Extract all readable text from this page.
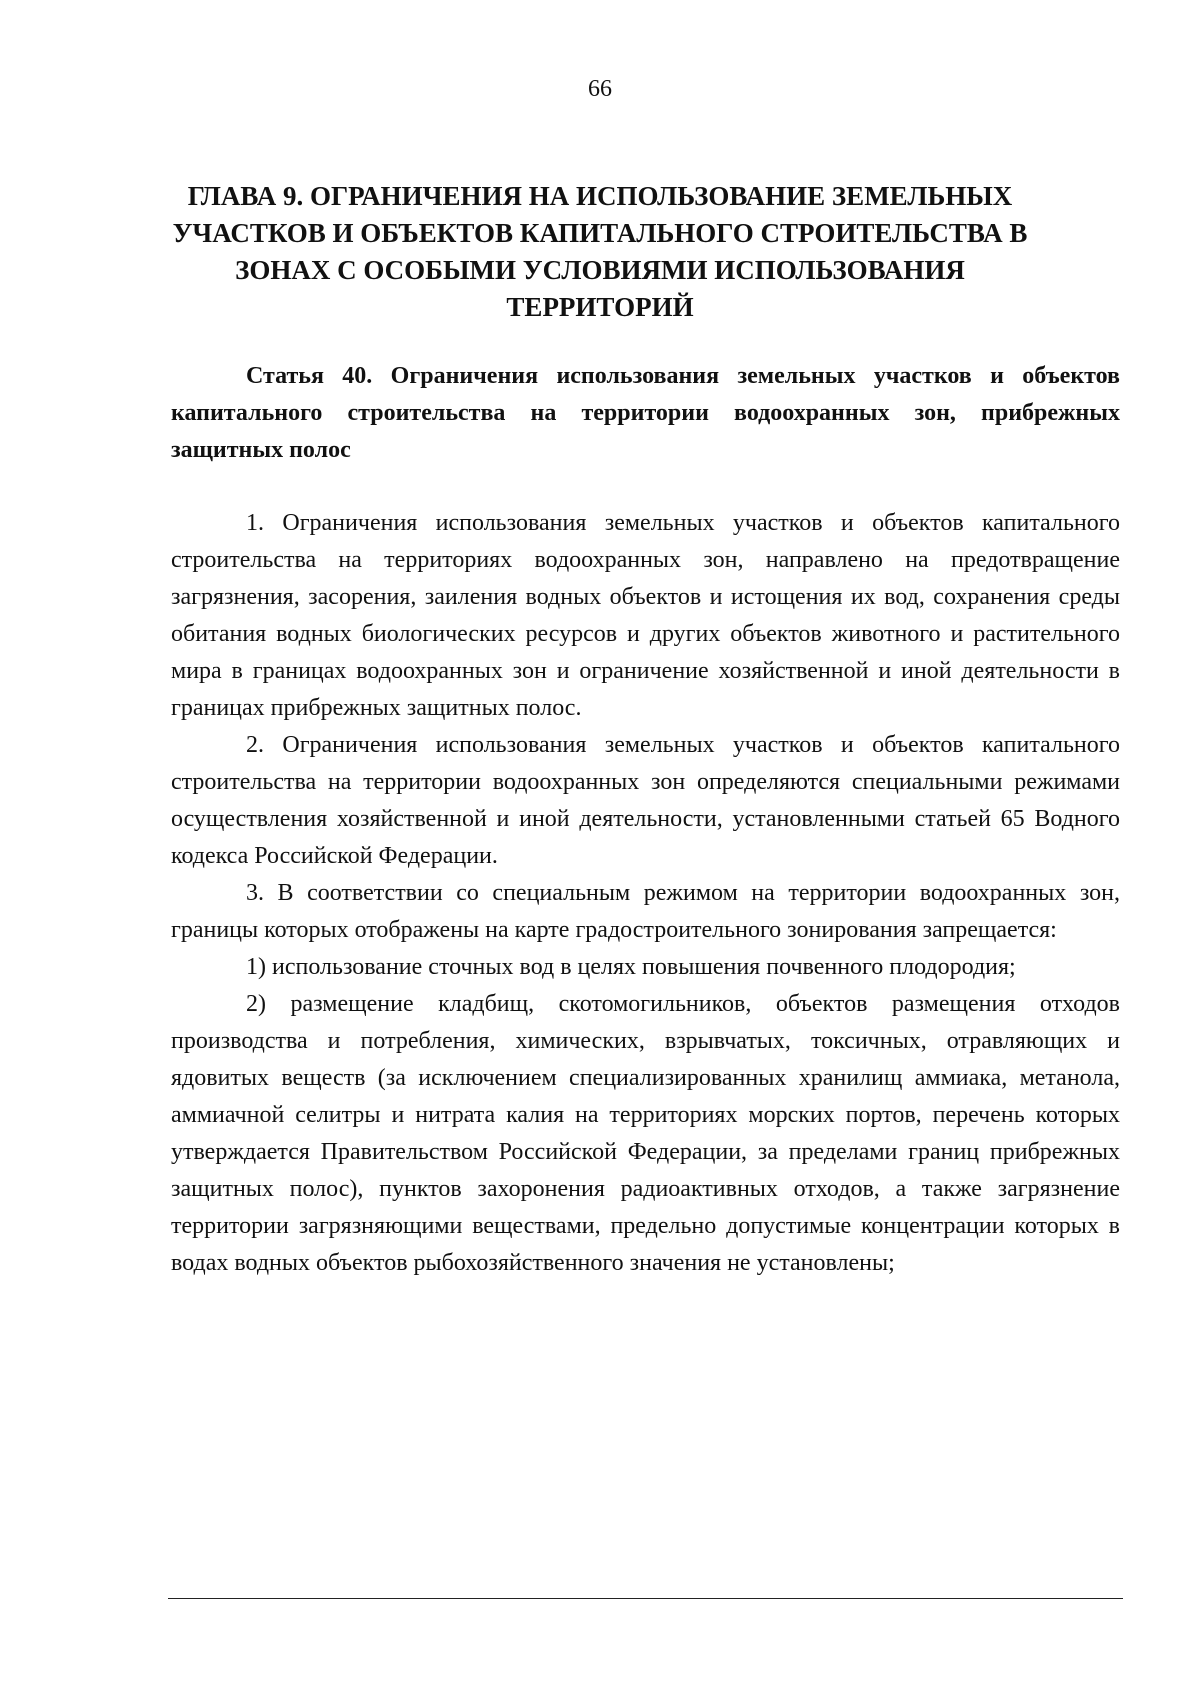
66
ГЛАВА 9. ОГРАНИЧЕНИЯ НА ИСПОЛЬЗОВАНИЕ ЗЕМЕЛЬНЫХ УЧАСТКОВ И ОБЪЕКТОВ КАПИТАЛЬНОГО СТРОИТЕЛЬСТВА В ЗОНАХ С ОСОБЫМИ УСЛОВИЯМИ ИСПОЛЬЗОВАНИЯ ТЕРРИТОРИЙ
Статья 40. Ограничения использования земельных участков и объектов капитального строительства на территории водоохранных зон, прибрежных защитных полос

1. Ограничения использования земельных участков и объектов капитального строительства на территориях водоохранных зон, направлено на предотвращение загрязнения, засорения, заиления водных объектов и истощения их вод, сохранения среды обитания водных биологических ресурсов и других объектов животного и растительного мира в границах водоохранных зон и ограничение хозяйственной и иной деятельности в границах прибрежных защитных полос.

2. Ограничения использования земельных участков и объектов капитального строительства на территории водоохранных зон определяются специальными режимами осуществления хозяйственной и иной деятельности, установленными статьей 65 Водного кодекса Российской Федерации.

3. В соответствии со специальным режимом на территории водоохранных зон, границы которых отображены на карте градостроительного зонирования запрещается:

1) использование сточных вод в целях повышения почвенного плодородия;

2) размещение кладбищ, скотомогильников, объектов размещения отходов производства и потребления, химических, взрывчатых, токсичных, отравляющих и ядовитых веществ (за исключением специализированных хранилищ аммиака, метанола, аммиачной селитры и нитрата калия на территориях морских портов, перечень которых утверждается Правительством Российской Федерации, за пределами границ прибрежных защитных полос), пунктов захоронения радиоактивных отходов, а также загрязнение территории загрязняющими веществами, предельно допустимые концентрации которых в водах водных объектов рыбохозяйственного значения не установлены;
